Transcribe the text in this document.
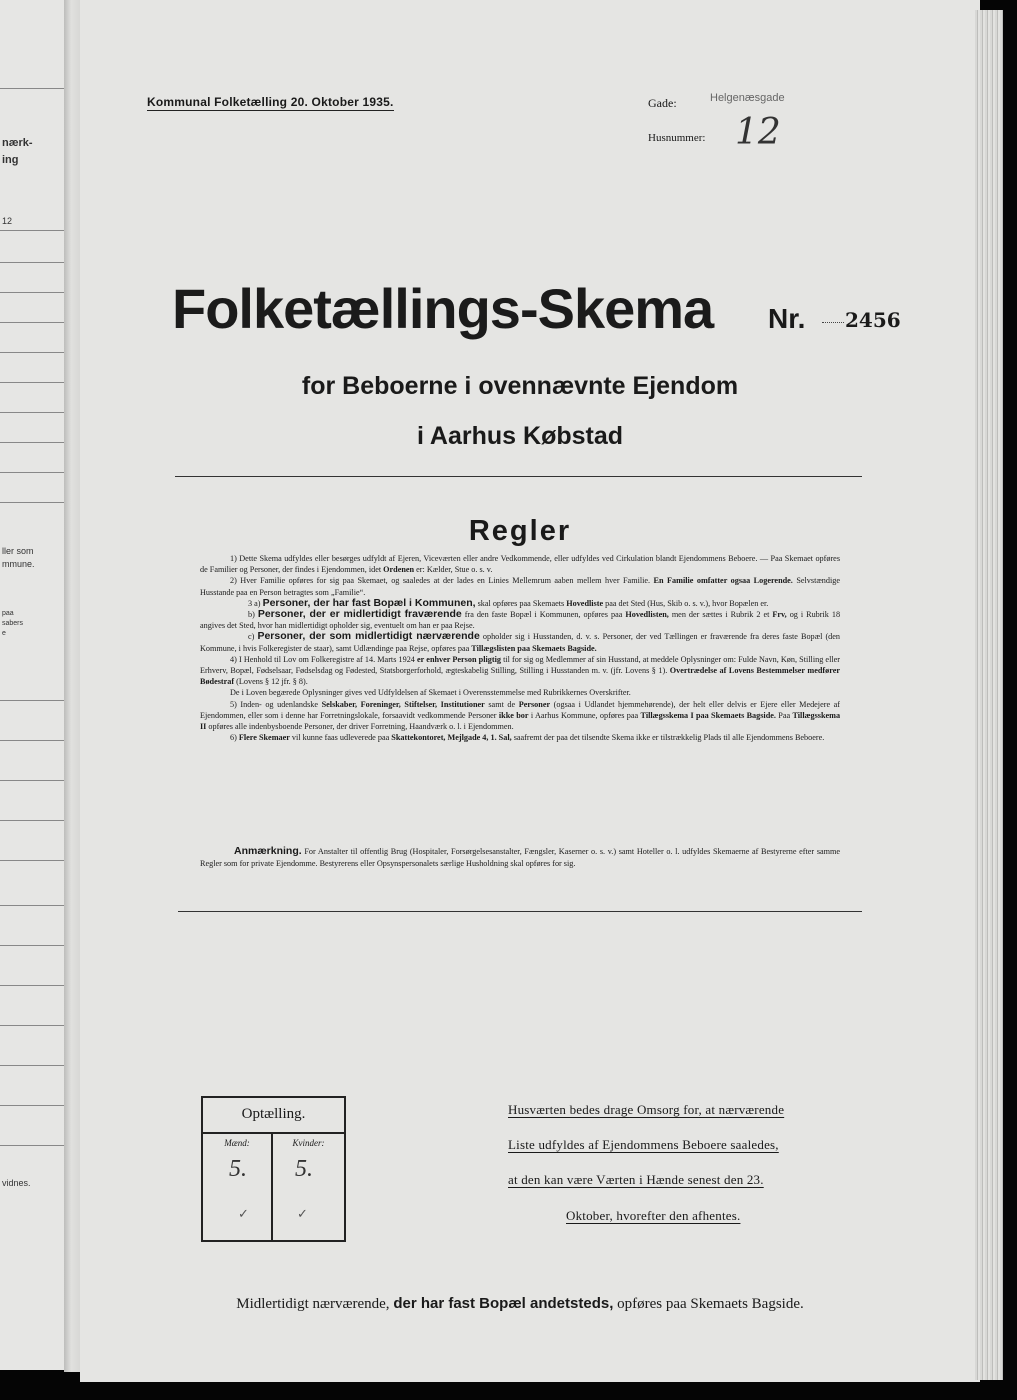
nærk-
ing
12
ller som
mmune.
paa
sabers
e
vidnes.
Kommunal Folketælling 20. Oktober 1935.	Gade:	Helgenæsgade
Husnummer: 12
Folketællings-Skema Nr. 2456
for Beboerne i ovennævnte Ejendom
i Aarhus Købstad
Regler

1) Dette Skema udfyldes eller besørges udfyldt af Ejeren, Viceværten eller andre Vedkommende, eller udfyldes ved Cirkulation blandt Ejendommens Beboere. — Paa Skemaet opføres de Familier og Personer, der findes i Ejendommen, idet Ordenen er: Kælder, Stue o. s. v.

2) Hver Familie opføres for sig paa Skemaet, og saaledes at der lades en Linies Mellemrum aaben mellem hver Familie. En Familie omfatter ogsaa Logerende. Selvstændige Husstande paa en Person betragtes som „Familie“.

3 a) Personer, der har fast Bopæl i Kommunen, skal opføres paa Skemaets Hovedliste paa det Sted (Hus, Skib o. s. v.), hvor Bopælen er.

b) Personer, der er midlertidigt fraværende fra den faste Bopæl i Kommunen, opføres paa Hovedlisten, men der sættes i Rubrik 2 et Frv, og i Rubrik 18 angives det Sted, hvor han midlertidigt opholder sig, eventuelt om han er paa Rejse.

c) Personer, der som midlertidigt nærværende opholder sig i Husstanden, d. v. s. Personer, der ved Tællingen er fraværende fra deres faste Bopæl (den Kommune, i hvis Folkeregister de staar), samt Udlændinge paa Rejse, opføres paa Tillægslisten paa Skemaets Bagside.

4) I Henhold til Lov om Folkeregistre af 14. Marts 1924 er enhver Person pligtig til for sig og Medlemmer af sin Husstand, at meddele Oplysninger om: Fulde Navn, Køn, Stilling eller Erhverv, Bopæl, Fødselsaar, Fødselsdag og Fødested, Statsborgerforhold, ægteskabelig Stilling, Stilling i Husstanden m. v. (jfr. Lovens § 1). Overtrædelse af Lovens Bestemmelser medfører Bødestraf (Lovens § 12 jfr. § 8).

De i Loven begærede Oplysninger gives ved Udfyldelsen af Skemaet i Overensstemmelse med Rubrikkernes Overskrifter.

5) Inden- og udenlandske Selskaber, Foreninger, Stiftelser, Institutioner samt de Personer (ogsaa i Udlandet hjemmehørende), der helt eller delvis er Ejere eller Medejere af Ejendommen, eller som i denne har Forretningslokale, forsaavidt vedkommende Personer ikke bor i Aarhus Kommune, opføres paa Tillægsskema I paa Skemaets Bagside. Paa Tillægsskema II opføres alle indenbysboende Personer, der driver Forretning, Haandværk o. l. i Ejendommen.

6) Flere Skemaer vil kunne faas udleverede paa Skattekontoret, Mejlgade 4, 1. Sal, saafremt der paa det tilsendte Skema ikke er tilstrækkelig Plads til alle Ejendommens Beboere.

Anmærkning. For Anstalter til offentlig Brug (Hospitaler, Forsørgelsesanstalter, Fængsler, Kaserner o. s. v.) samt Hoteller o. l. udfyldes Skemaerne af Bestyrerne efter samme Regler som for private Ejendomme. Bestyrerens eller Opsynspersonalets særlige Husholdning skal opføres for sig.

Optælling.
Mænd:	Kvinder:
5. 5.
✓	✓
Husværten bedes drage Omsorg for, at nærværende
Liste udfyldes af Ejendommens Beboere saaledes,
at den kan være Værten i Hænde senest den 23.
Oktober, hvorefter den afhentes.
Midlertidigt nærværende, der har fast Bopæl andetsteds, opføres paa Skemaets Bagside.
